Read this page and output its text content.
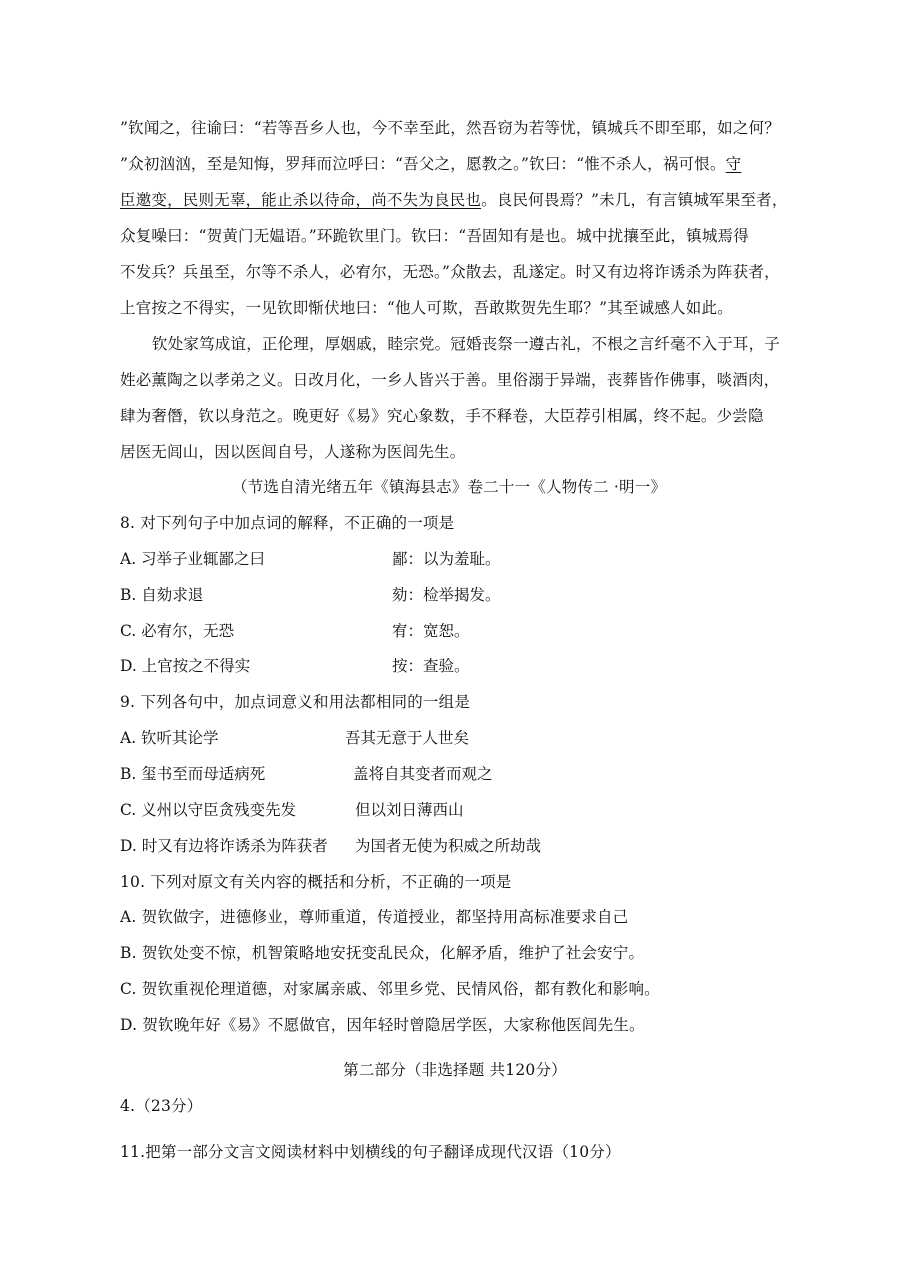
”钦闻之，往谕曰：“若等吾乡人也，今不幸至此，然吾窃为若等忧，镇城兵不即至耶，如之何？
”众初汹汹，至是知悔，罗拜而泣呼曰：“吾父之，愿教之。”钦曰：“惟不杀人，祸可恨。守
臣邀变，民则无辜，能止杀以待命，尚不失为良民也。良民何畏焉？”未几，有言镇城军果至者，
众复噪曰：“贺黄门无媪语。”环跪钦里门。钦曰：“吾固知有是也。城中扰攘至此，镇城焉得
不发兵？兵虽至，尔等不杀人，必宥尔，无恐。”众散去，乱遂定。时又有边将诈诱杀为阵获者，
上官按之不得实，一见钦即惭伏地曰：“他人可欺，吾敢欺贺先生耶？”其至诚感人如此。
钦处家笃成谊，正伦理，厚姻戚，睦宗党。冠婚丧祭一遵古礼，不根之言纤毫不入于耳，子
姓必薰陶之以孝弟之义。日改月化，一乡人皆兴于善。里俗溺于异端，丧葬皆作佛事，啖酒肉，
肆为奢僭，钦以身范之。晚更好《易》究心象数，手不释卷，大臣荐引相属，终不起。少尝隐
居医无闾山，因以医闾自号，人遂称为医闾先生。
（节选自清光绪五年《镇海县志》卷二十一《人物传二 ·明一》
8. 对下列句子中加点词的解释，不正确的一项是
A. 习举子业辄鄙之曰	鄙：以为羞耻。
B. 自劾求退	劾：检举揭发。
C. 必宥尔，无恐	宥：宽恕。
D. 上官按之不得实	按：查验。
9. 下列各句中，加点词意义和用法都相同的一组是
A. 钦听其论学	吾其无意于人世矣
B. 玺书至而母适病死	盖将自其变者而观之
C. 义州以守臣贪残变先发	但以刘日薄西山
D. 时又有边将诈诱杀为阵获者 为国者无使为积威之所劫哉
10. 下列对原文有关内容的概括和分析，不正确的一项是
A. 贺钦做字，进德修业，尊师重道，传道授业，都坚持用高标准要求自己
B. 贺钦处变不惊，机智策略地安抚变乱民众，化解矛盾，维护了社会安宁。
C. 贺钦重视伦理道德，对家属亲戚、邻里乡党、民情风俗，都有教化和影响。
D. 贺钦晚年好《易》不愿做官，因年轻时曾隐居学医，大家称他医闾先生。
第二部分（非选择题 共120分）
4.（23分）
11.把第一部分文言文阅读材料中划横线的句子翻译成现代汉语（10分）
